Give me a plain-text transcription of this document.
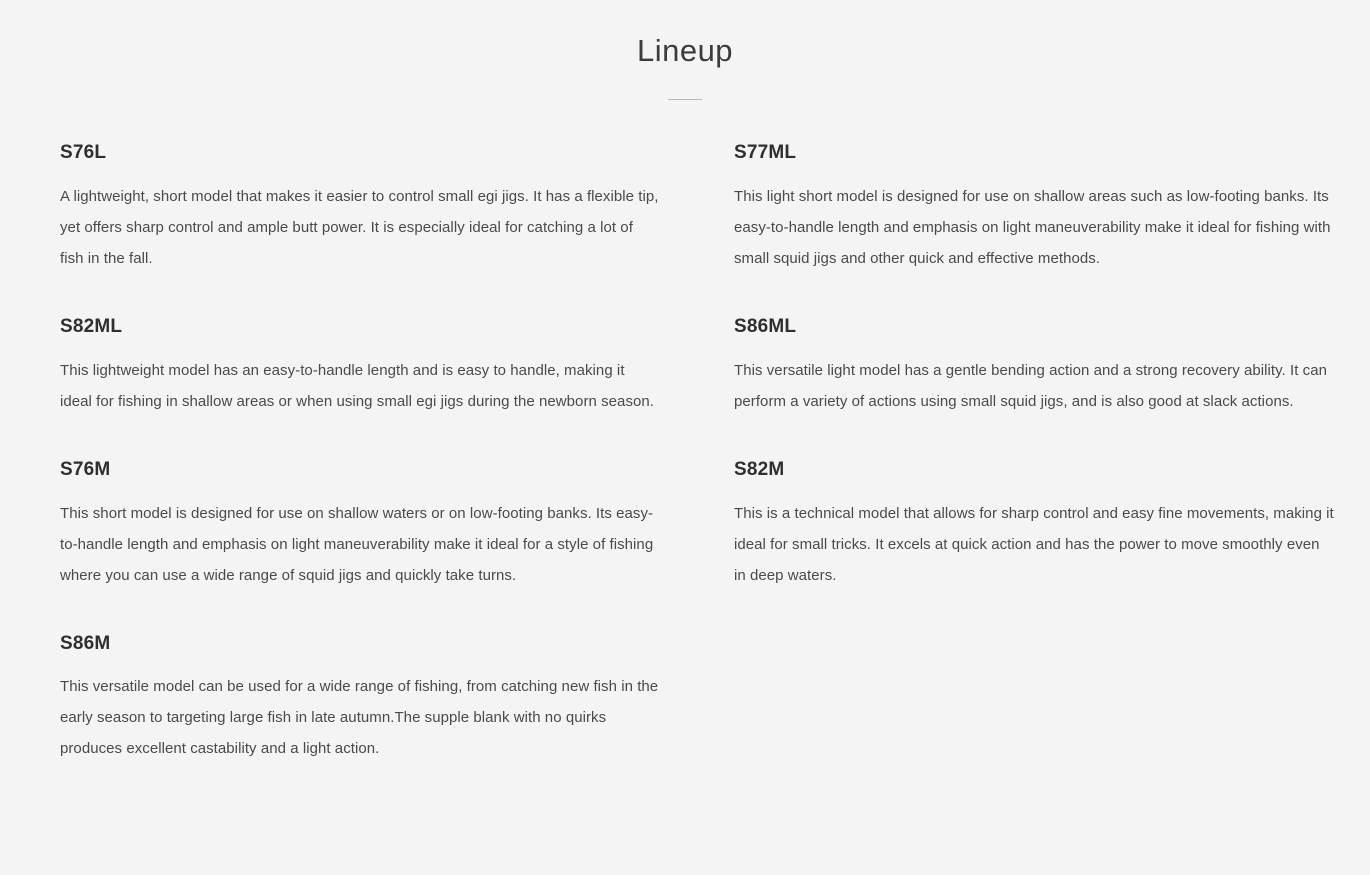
Lineup
S76L

A lightweight, short model that makes it easier to control small egi jigs. It has a flexible tip, yet offers sharp control and ample butt power. It is especially ideal for catching a lot of fish in the fall.

S77ML

This light short model is designed for use on shallow areas such as low-footing banks. Its easy-to-handle length and emphasis on light maneuverability make it ideal for fishing with small squid jigs and other quick and effective methods.

S82ML

This lightweight model has an easy-to-handle length and is easy to handle, making it ideal for fishing in shallow areas or when using small egi jigs during the newborn season.

S86ML

This versatile light model has a gentle bending action and a strong recovery ability. It can perform a variety of actions using small squid jigs, and is also good at slack actions.

S76M

This short model is designed for use on shallow waters or on low-footing banks. Its easy-to-handle length and emphasis on light maneuverability make it ideal for a style of fishing where you can use a wide range of squid jigs and quickly take turns.

S82M

This is a technical model that allows for sharp control and easy fine movements, making it ideal for small tricks. It excels at quick action and has the power to move smoothly even in deep waters.

S86M

This versatile model can be used for a wide range of fishing, from catching new fish in the early season to targeting large fish in late autumn.The supple blank with no quirks produces excellent castability and a light action.
